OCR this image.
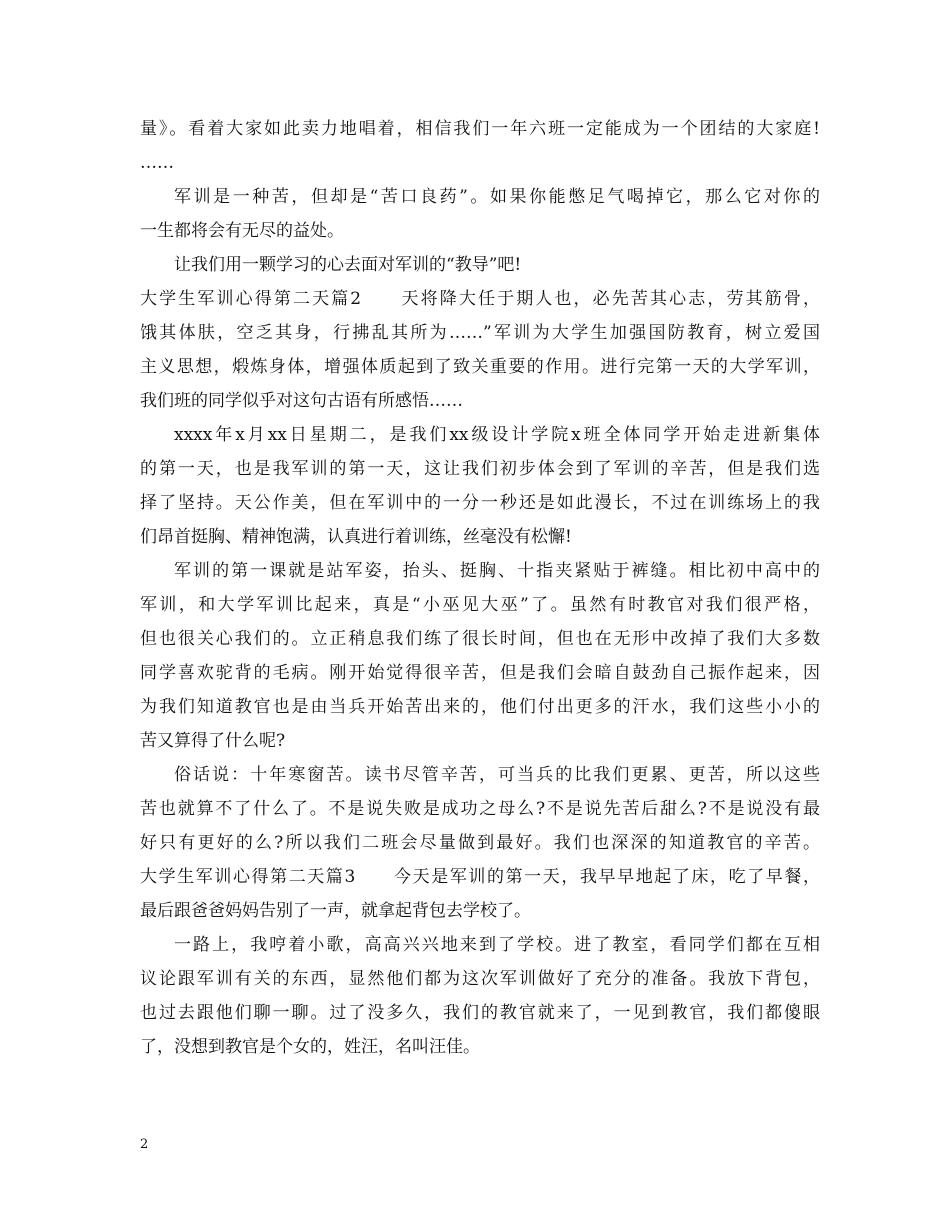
量》。看着大家如此卖力地唱着，相信我们一年六班一定能成为一个团结的大家庭!
……
军训是一种苦，但却是“苦口良药”。如果你能憋足气喝掉它，那么它对你的
一生都将会有无尽的益处。
让我们用一颗学习的心去面对军训的“教导”吧!
大学生军训心得第二天篇2　　天将降大任于期人也，必先苦其心志，劳其筋骨，
饿其体肤，空乏其身，行拂乱其所为……”军训为大学生加强国防教育，树立爱国
主义思想，煅炼身体，增强体质起到了致关重要的作用。进行完第一天的大学军训，
我们班的同学似乎对这句古语有所感悟……
xxxx年x月xx日星期二，是我们xx级设计学院x班全体同学开始走进新集体
的第一天，也是我军训的第一天，这让我们初步体会到了军训的辛苦，但是我们选
择了坚持。天公作美，但在军训中的一分一秒还是如此漫长，不过在训练场上的我
们昂首挺胸、精神饱满，认真进行着训练，丝毫没有松懈!
军训的第一课就是站军姿，抬头、挺胸、十指夹紧贴于裤缝。相比初中高中的
军训，和大学军训比起来，真是“小巫见大巫”了。虽然有时教官对我们很严格，
但也很关心我们的。立正稍息我们练了很长时间，但也在无形中改掉了我们大多数
同学喜欢驼背的毛病。刚开始觉得很辛苦，但是我们会暗自鼓劲自己振作起来，因
为我们知道教官也是由当兵开始苦出来的，他们付出更多的汗水，我们这些小小的
苦又算得了什么呢?
俗话说：十年寒窗苦。读书尽管辛苦，可当兵的比我们更累、更苦，所以这些
苦也就算不了什么了。不是说失败是成功之母么?不是说先苦后甜么?不是说没有最
好只有更好的么?所以我们二班会尽量做到最好。我们也深深的知道教官的辛苦。
大学生军训心得第二天篇3　　今天是军训的第一天，我早早地起了床，吃了早餐，
最后跟爸爸妈妈告别了一声，就拿起背包去学校了。
一路上，我哼着小歌，高高兴兴地来到了学校。进了教室，看同学们都在互相
议论跟军训有关的东西，显然他们都为这次军训做好了充分的准备。我放下背包，
也过去跟他们聊一聊。过了没多久，我们的教官就来了，一见到教官，我们都傻眼
了，没想到教官是个女的，姓汪，名叫汪佳。
2
